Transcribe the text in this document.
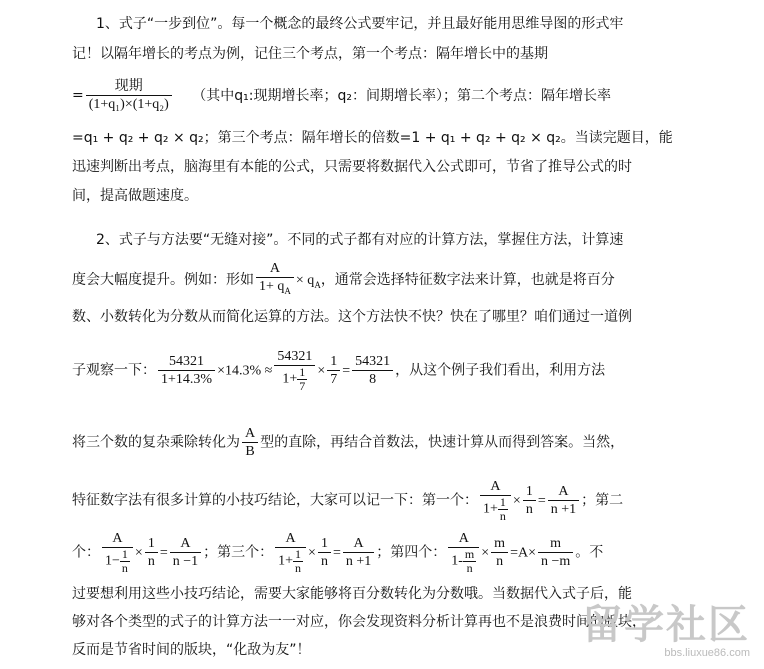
1、式子“一步到位”。每一个概念的最终公式要牢记，并且最好能用思维导图的形式牢
记！以隔年增长的考点为例，记住三个考点，第一个考点：隔年增长中的基期
= $\frac{\text{现期}}{\text{(1+q₁)×(1+q₂)}}$ （其中q₁:现期增长率；q₂：间期增长率）；第二个考点：隔年增长率
=q₁ + q₂ + q₂ × q₂；第三个考点：隔年增长的倍数=1 + q₁ + q₂ + q₂ × q₂。当读完题目，能
迅速判断出考点，脑海里有本能的公式，只需要将数据代入公式即可，节省了推导公式的时
间，提高做题速度。
2、式子与方法要“无缝对接”。不同的式子都有对应的计算方法，掌握住方法，计算速
度会大幅度提升。例如：形如 $\frac{A}{1+ q_A} \times q_A$，通常会选择特征数字法来计算，也就是将百分
数、小数转化为分数从而简化运算的方法。这个方法快不快？快在了哪里？咱们通过一道例
子观察一下： $\frac{54321}{1+14.3\%} \times 14.3\% \approx \frac{54321}{1+ \frac{1}{7}} \times \frac{1}{7} = \frac{54321}{8}$ ，从这个例子我们看出，利用方法
将三个数的复杂乘除转化为 $\frac{A}{B}$ 型的直除，再结合首数法，快速计算从而得到答案。当然，
特征数字法有很多计算的小技巧结论，大家可以记一下：第一个： $\frac{A}{1+ \frac{1}{n}} \times \frac{1}{n} = \frac{A}{n +1}$ ；第二
个： $\frac{A}{1- \frac{1}{n}} \times \frac{1}{n} = \frac{A}{n -1}$ ；第三个： $\frac{A}{1+ \frac{1}{n}} \times \frac{1}{n} = \frac{A}{n +1}$ ；第四个： $\frac{A}{1- \frac{m}{n}} \times \frac{m}{n} =A\times \frac{m}{n -m}$ 。不
过要想利用这些小技巧结论，需要大家能够将百分数转化为分数哦。当数据代入式子后，能
够对各个类型的式子的计算方法一一对应，你会发现资料分析计算再也不是浪费时间的版块，
反而是节省时间的版块，“化敌为友”！
留学社区
bbs.liuxue86.com
